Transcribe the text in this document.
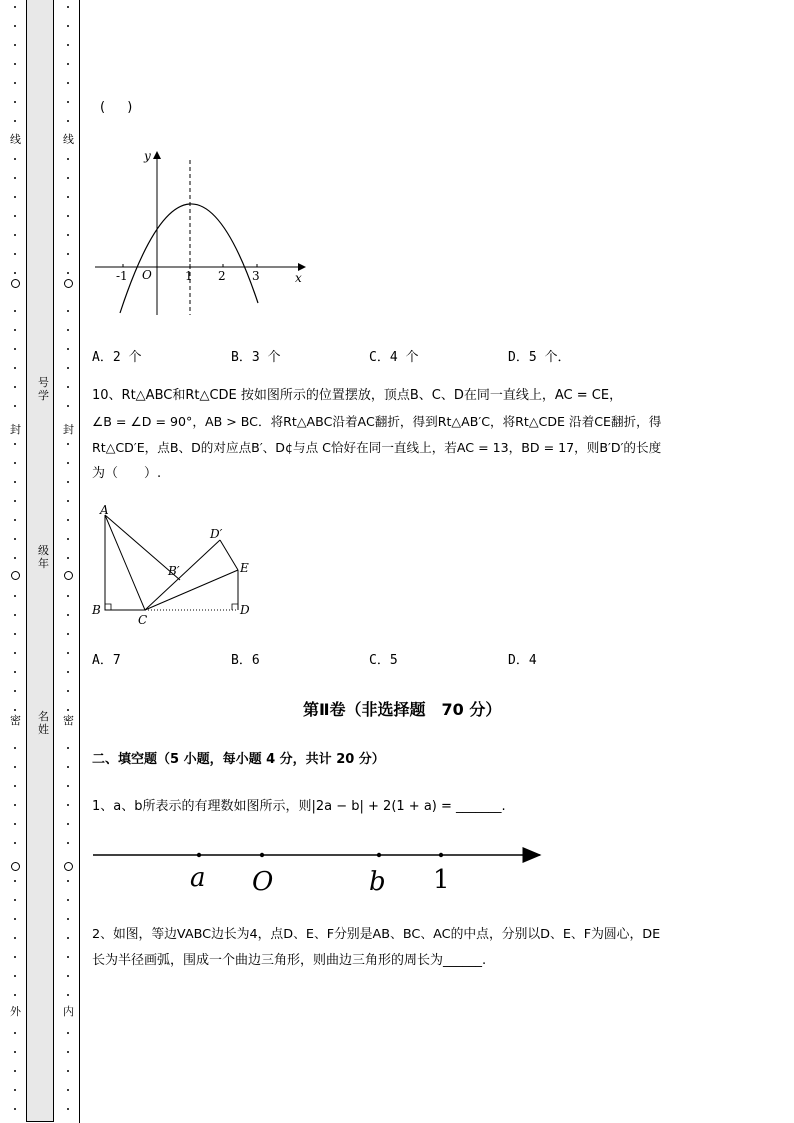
线
封
密
外
线
封
密
内
号学
级年
名姓
( )
y
x
O
-1	1 2 3
A．2 个	B．3 个	C．4 个	D．5 个．
10、Rt△ABC和Rt△CDE 按如图所示的位置摆放，顶点B、C、D在同一直线上，AC = CE，
∠B = ∠D = 90°，AB > BC．将Rt△ABC沿着AC翻折，得到Rt△AB′C，将Rt△CDE 沿着CE翻折，得
Rt△CD′E，点B、D的对应点B′、D¢与点 C恰好在同一直线上，若AC = 13，BD = 17，则B′D′的长度
为（　　）.
A
B
C
D
E
B′
D′
A．7	B．6	C．5	D．4
第Ⅱ卷（非选择题　70 分）
二、填空题（5 小题，每小题 4 分，共计 20 分）
1、a、b所表示的有理数如图所示，则|2a − b| + 2(1 + a) = _______.
a O	b 1
2、如图，等边VABC边长为4，点D、E、F分别是AB、BC、AC的中点，分别以D、E、F为圆心，DE
长为半径画弧，围成一个曲边三角形，则曲边三角形的周长为______.
